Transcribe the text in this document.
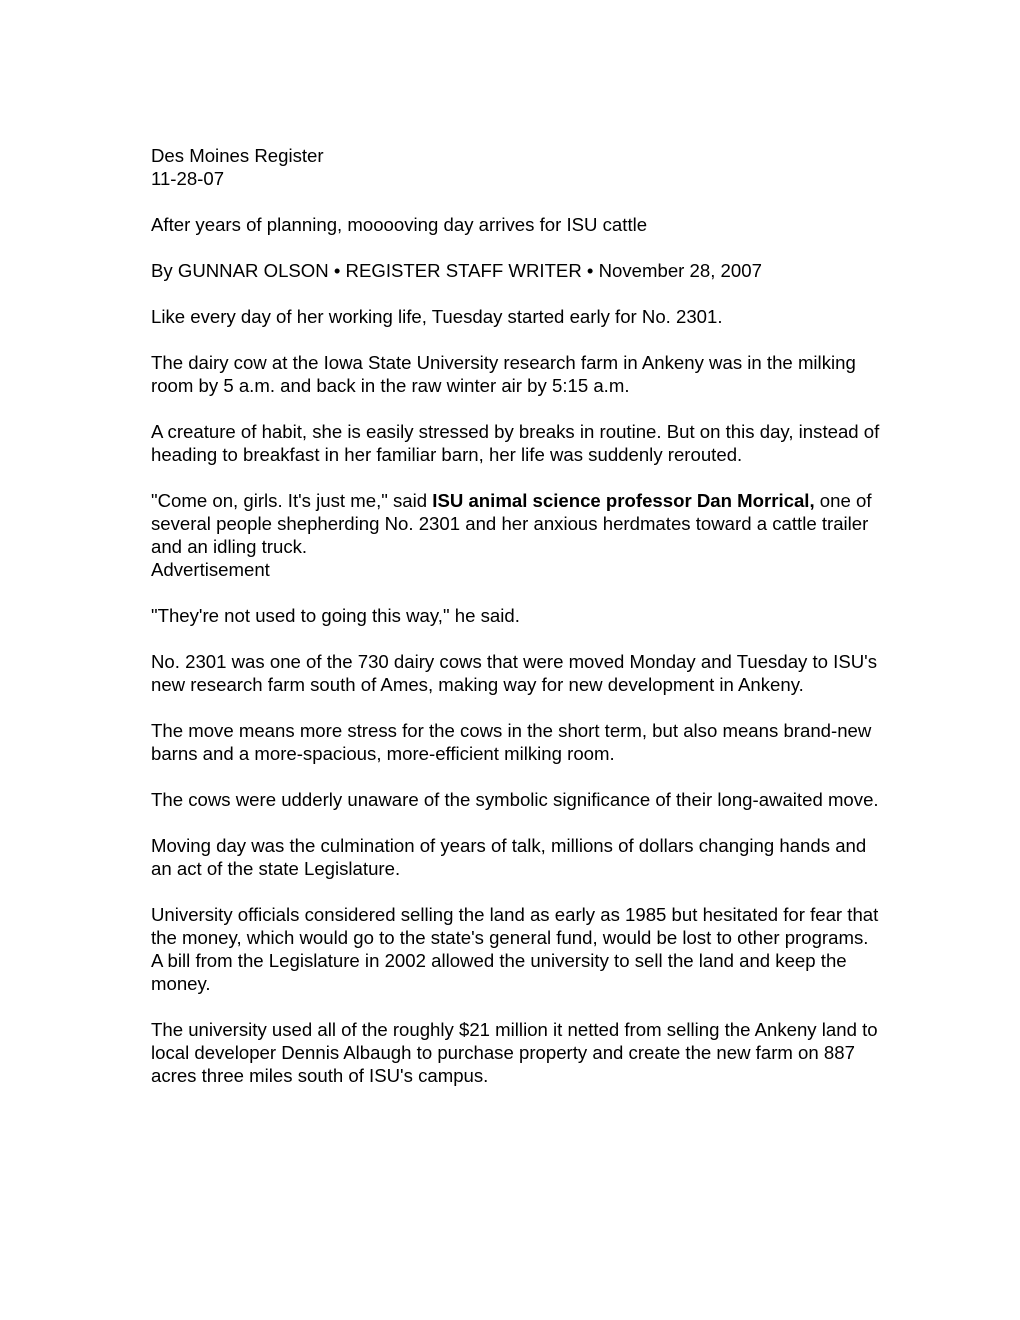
Des Moines Register
11-28-07

After years of planning, mooooving day arrives for ISU cattle

By GUNNAR OLSON • REGISTER STAFF WRITER • November 28, 2007

Like every day of her working life, Tuesday started early for No. 2301.

The dairy cow at the Iowa State University research farm in Ankeny was in the milking room by 5 a.m. and back in the raw winter air by 5:15 a.m.

A creature of habit, she is easily stressed by breaks in routine. But on this day, instead of heading to breakfast in her familiar barn, her life was suddenly rerouted.

"Come on, girls. It's just me," said ISU animal science professor Dan Morrical, one of several people shepherding No. 2301 and her anxious herdmates toward a cattle trailer and an idling truck.

Advertisement

"They're not used to going this way," he said.

No. 2301 was one of the 730 dairy cows that were moved Monday and Tuesday to ISU's new research farm south of Ames, making way for new development in Ankeny.

The move means more stress for the cows in the short term, but also means brand-new barns and a more-spacious, more-efficient milking room.

The cows were udderly unaware of the symbolic significance of their long-awaited move.

Moving day was the culmination of years of talk, millions of dollars changing hands and an act of the state Legislature.

University officials considered selling the land as early as 1985 but hesitated for fear that the money, which would go to the state's general fund, would be lost to other programs. A bill from the Legislature in 2002 allowed the university to sell the land and keep the money.

The university used all of the roughly $21 million it netted from selling the Ankeny land to local developer Dennis Albaugh to purchase property and create the new farm on 887 acres three miles south of ISU's campus.
